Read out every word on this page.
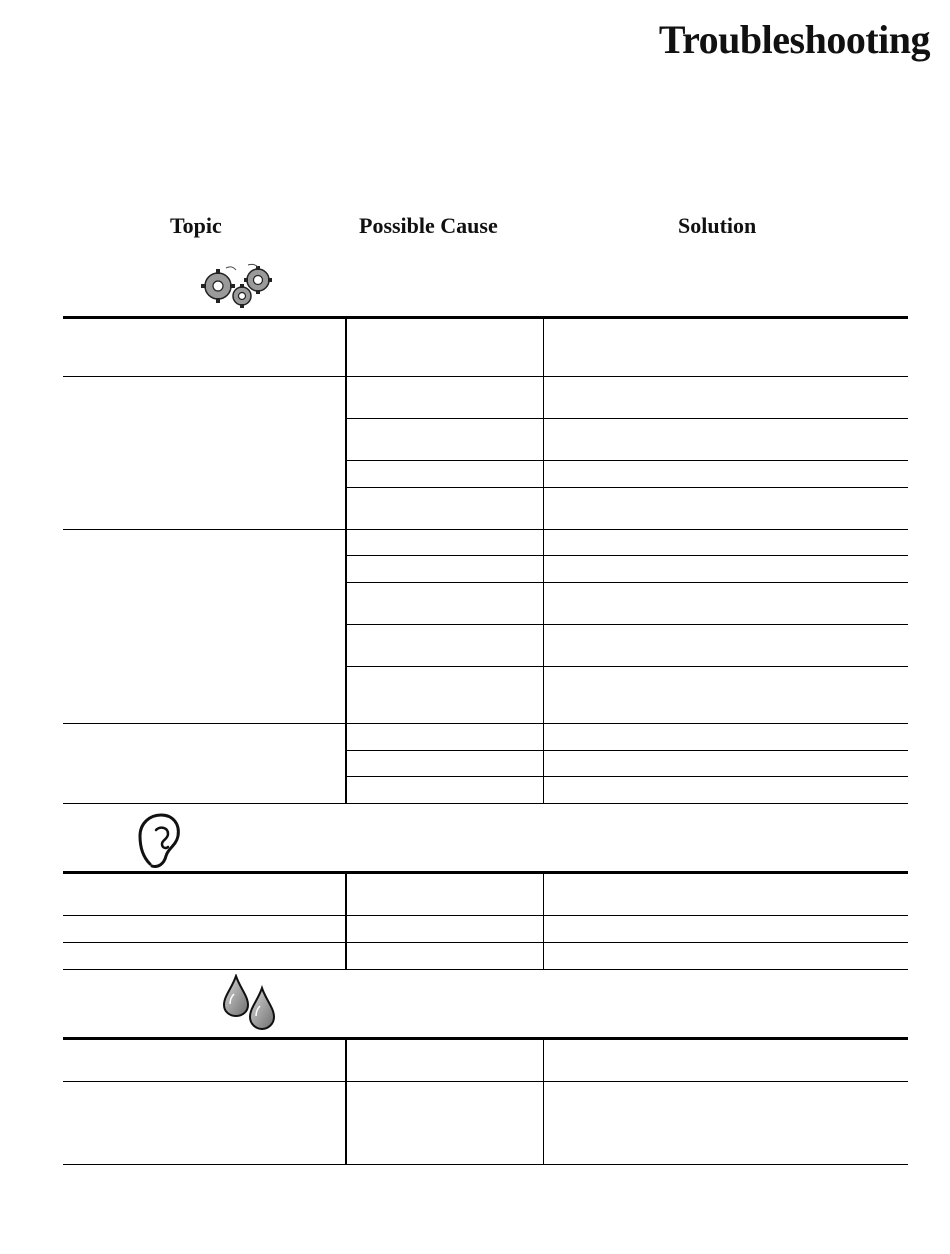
Troubleshooting
Topic	Possible Cause	Solution
